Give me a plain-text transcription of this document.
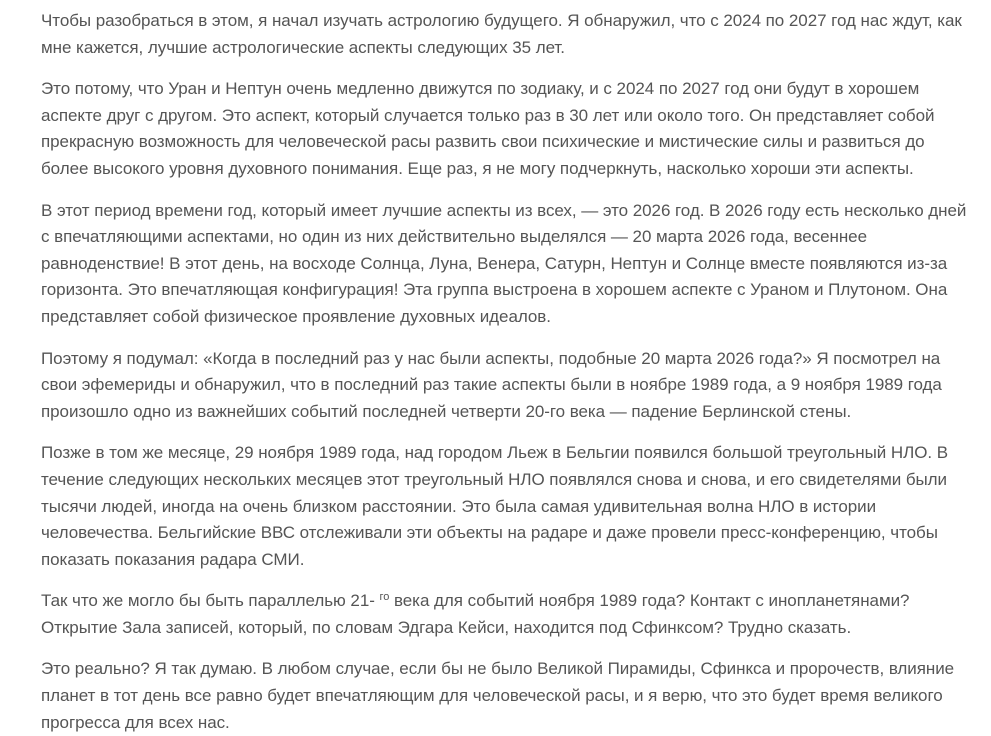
Чтобы разобраться в этом, я начал изучать астрологию будущего. Я обнаружил, что с 2024 по 2027 год нас ждут, как мне кажется, лучшие астрологические аспекты следующих 35 лет.

Это потому, что Уран и Нептун очень медленно движутся по зодиаку, и с 2024 по 2027 год они будут в хорошем аспекте друг с другом. Это аспект, который случается только раз в 30 лет или около того. Он представляет собой прекрасную возможность для человеческой расы развить свои психические и мистические силы и развиться до более высокого уровня духовного понимания. Еще раз, я не могу подчеркнуть, насколько хороши эти аспекты.

В этот период времени год, который имеет лучшие аспекты из всех, — это 2026 год. В 2026 году есть несколько дней с впечатляющими аспектами, но один из них действительно выделялся — 20 марта 2026 года, весеннее равноденствие! В этот день, на восходе Солнца, Луна, Венера, Сатурн, Нептун и Солнце вместе появляются из-за горизонта. Это впечатляющая конфигурация! Эта группа выстроена в хорошем аспекте с Ураном и Плутоном. Она представляет собой физическое проявление духовных идеалов.

Поэтому я подумал: «Когда в последний раз у нас были аспекты, подобные 20 марта 2026 года?» Я посмотрел на свои эфемериды и обнаружил, что в последний раз такие аспекты были в ноябре 1989 года, а 9 ноября 1989 года произошло одно из важнейших событий последней четверти 20-го века — падение Берлинской стены.

Позже в том же месяце, 29 ноября 1989 года, над городом Льеж в Бельгии появился большой треугольный НЛО. В течение следующих нескольких месяцев этот треугольный НЛО появлялся снова и снова, и его свидетелями были тысячи людей, иногда на очень близком расстоянии. Это была самая удивительная волна НЛО в истории человечества. Бельгийские ВВС отслеживали эти объекты на радаре и даже провели пресс-конференцию, чтобы показать показания радара СМИ.

Так что же могло бы быть параллелью 21- $^{го}$ века для событий ноября 1989 года? Контакт с инопланетянами? Открытие Зала записей, который, по словам Эдгара Кейси, находится под Сфинксом? Трудно сказать.

Это реально? Я так думаю. В любом случае, если бы не было Великой Пирамиды, Сфинкса и пророчеств, влияние планет в тот день все равно будет впечатляющим для человеческой расы, и я верю, что это будет время великого прогресса для всех нас.
